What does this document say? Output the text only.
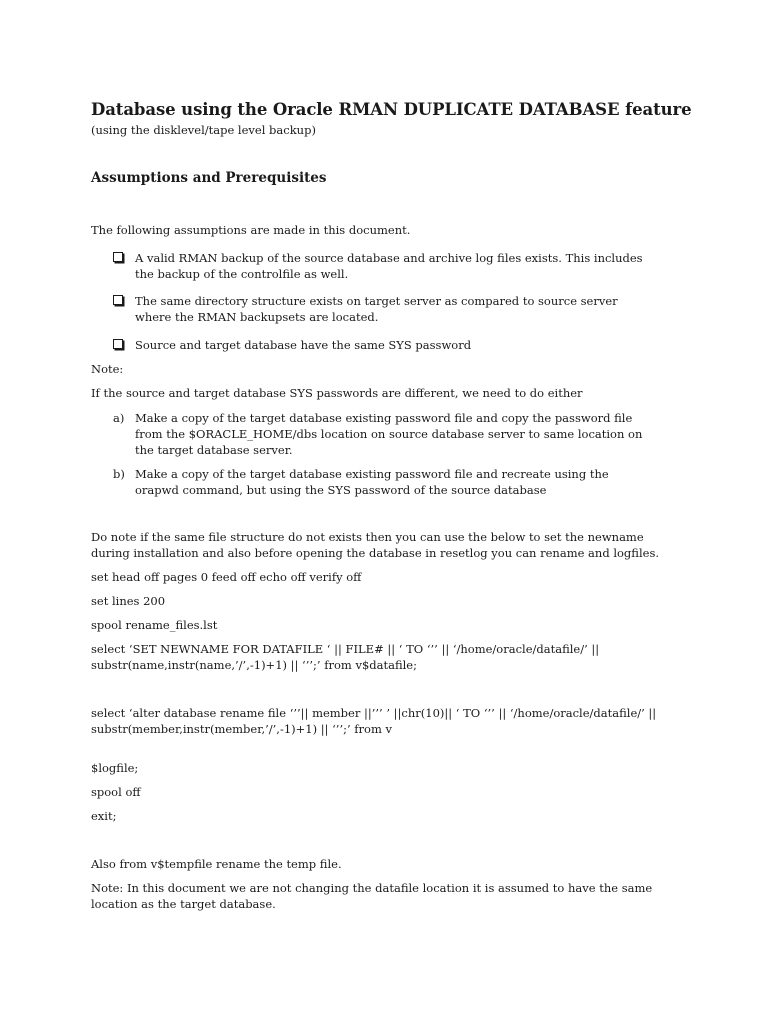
Database using the Oracle RMAN DUPLICATE DATABASE feature
(using the disklevel/tape level backup)
Assumptions and Prerequisites
The following assumptions are made in this document.
A valid RMAN backup of the source database and archive log files exists. This includes the backup of the controlfile as well.
The same directory structure exists on target server as compared to source server where the RMAN backupsets are located.
Source and target database have the same SYS password
Note:
If the source and target database SYS passwords are different, we need to do either
a) Make a copy of the target database existing password file and copy the password file from the $ORACLE_HOME/dbs location on source database server to same location on the target database server.
b) Make a copy of the target database existing password file and recreate using the orapwd command, but using the SYS password of the source database
Do note if the same file structure do not exists then you can use the below to set the newname during installation and also before opening the database in resetlog you can rename and logfiles.
set head off pages 0 feed off echo off verify off
set lines 200
spool rename_files.lst
select ‘SET NEWNAME FOR DATAFILE ‘ || FILE# || ‘ TO ‘’’ || ‘/home/oracle/datafile/’ || substr(name,instr(name,’/’,-1)+1) || ‘’’;’ from v$datafile;
select ‘alter database rename file ‘’’|| member ||’’’ ’ ||chr(10)|| ‘ TO ‘’’ || ‘/home/oracle/datafile/’ || substr(member,instr(member,’/’,-1)+1) || ‘’’;’ from v
$logfile;
spool off
exit;
Also from v$tempfile rename the temp file.
Note: In this document we are not changing the datafile location it is assumed to have the same location as the target database.
